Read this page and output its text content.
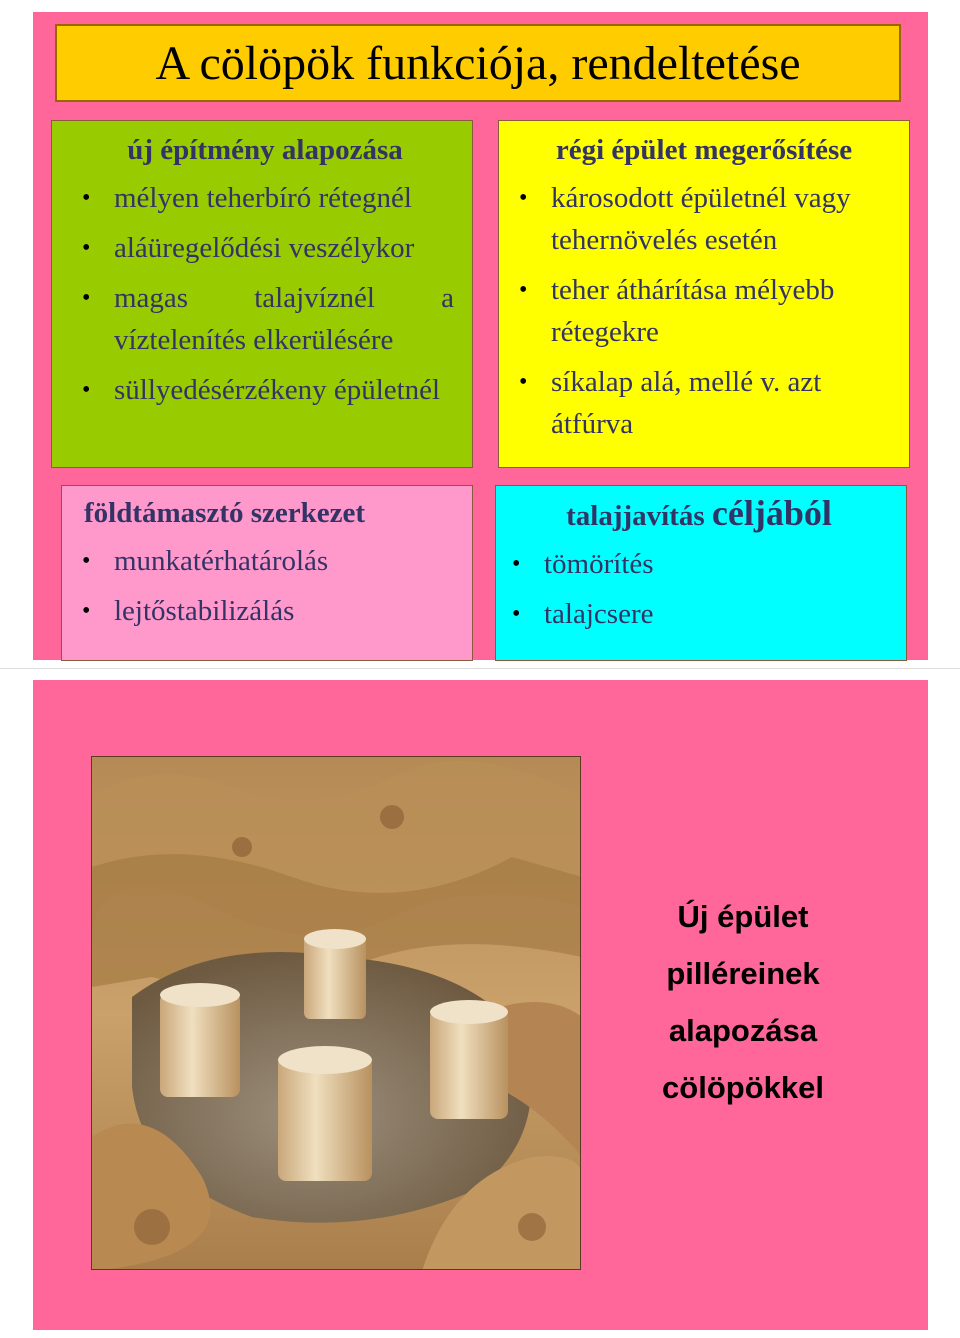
A cölöpök funkciója, rendeltetése
új építmény alapozása
• mélyen teherbíró rétegnél
• aláüregelődési veszélykor
• magas talajvíznél a víztelenítés elkerülésére
• süllyedésérzékeny épületnél
régi épület megerősítése
• károsodott épületnél vagy tehernövelés esetén
• teher áthárítása mélyebb rétegekre
• síkalap alá, mellé v. azt átfúrva
földtámasztó szerkezet
• munkatérhatárolás
• lejtőstabilizálás
talajjavítás céljából
• tömörítés
• talajcsere
Új épület
pilléreinek
alapozása
cölöpökkel
